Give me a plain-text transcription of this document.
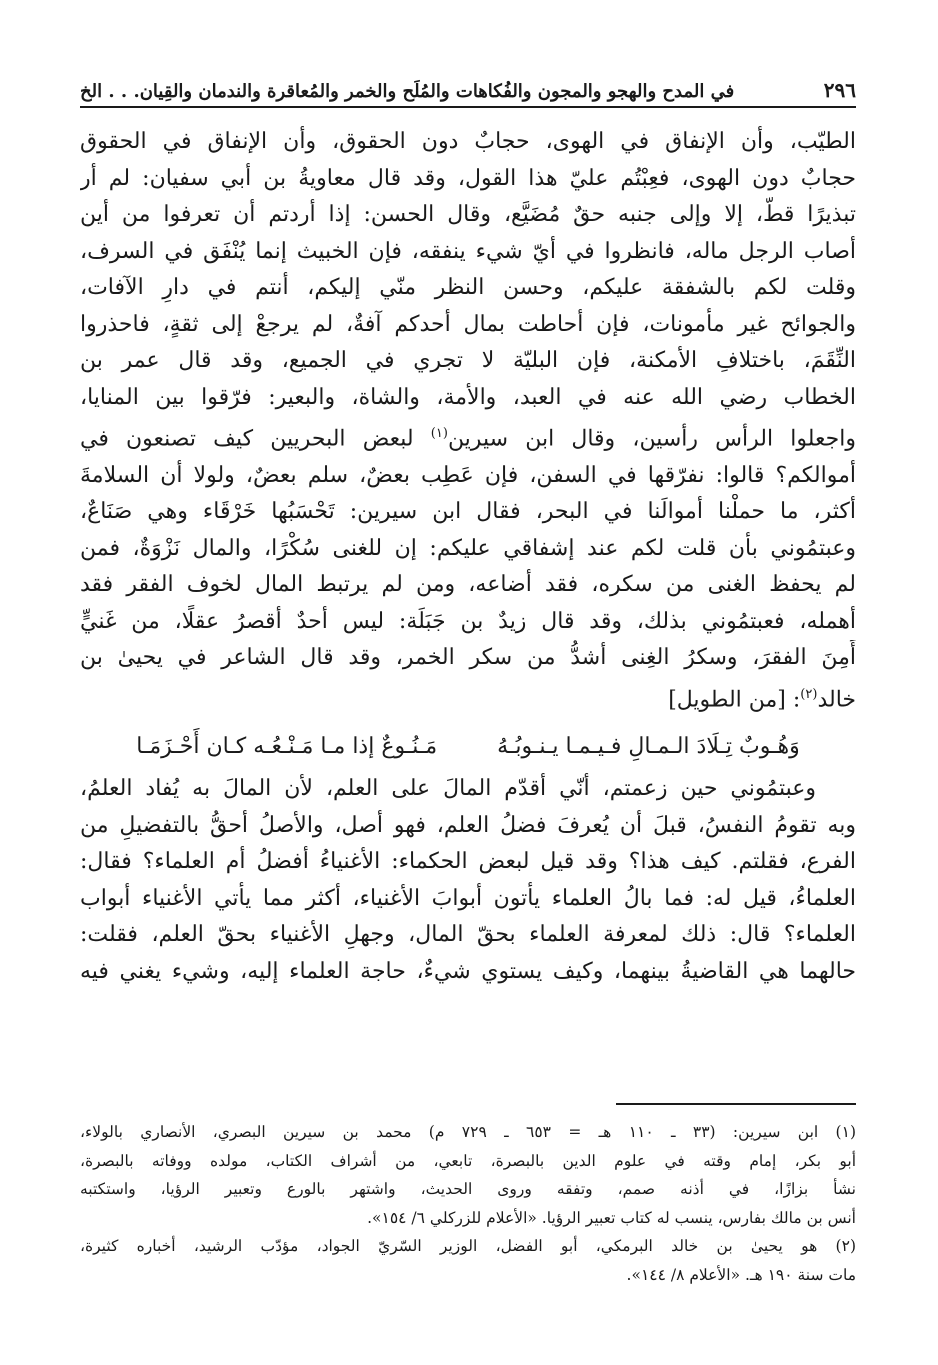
٢٩٦
في المدح والهجو والمجون والفُكاهات والمُلَح والخمر والمُعاقرة والندمان والقِيان. . . الخ
الطيّب، وأن الإنفاق في الهوى، حجابٌ دون الحقوق، وأن الإنفاق في الحقوق
حجابٌ دون الهوى، فعِبْتُم عليّ هذا القول، وقد قال معاويةُ بن أبي سفيان: لم أر
تبذيرًا قطّ، إلا وإلى جنبه حقٌ مُضَيَّع، وقال الحسن: إذا أردتم أن تعرفوا من أين
أصاب الرجل ماله، فانظروا في أيّ شيء ينفقه، فإن الخبيث إنما يُنْفَق في السرف،
وقلت لكم بالشفقة عليكم، وحسن النظر منّي إليكم، أنتم في دارِ الآفات،
والجوائح غير مأمونات، فإن أحاطت بمال أحدكم آفةٌ، لم يرجعْ إلى ثقةٍ، فاحذروا
النِّقَمَ، باختلافِ الأمكنة، فإن البليّة لا تجري في الجميع، وقد قال عمر بن
الخطاب رضي الله عنه في العبد، والأمة، والشاة، والبعير: فرّقوا بين المنايا،
واجعلوا الرأس رأسين، وقال ابن سيرين$^{(١)}$ لبعض البحريين كيف تصنعون في
أموالكم؟ قالوا: نفرّقها في السفن، فإن عَطِب بعضٌ، سلم بعضٌ، ولولا أن السلامةَ
أكثر، ما حملْنا أموالَنا في البحر، فقال ابن سيرين: تَحْسَبُها خَرْقَاء وهي صَنَاعٌ،
وعبتمُوني بأن قلت لكم عند إشفاقي عليكم: إن للغنى سُكْرًا، والمال نَزْوَةٌ، فمن
لم يحفظ الغنى من سكره، فقد أضاعه، ومن لم يرتبط المال لخوف الفقر فقد
أهمله، فعبتمُوني بذلك، وقد قال زيدٌ بن جَبَلَة: ليس أحدٌ أقصرُ عقلًا، من غَنيٍّ
أَمِنَ الفقرَ، وسكرُ الغِنى أشدُّ من سكر الخمر، وقد قال الشاعر في يحيىٰ بن
خالد$^{(٢)}$: [من الطويل]
وَهُـوبٌ تِـلَادَ الـمـالِ فـيـمـا يـنـوبُـهُ
مَـنُـوعٌ إذا مـا مَـنْـعُـه كـان أَحْـزَمَـا
وعبتمُوني حين زعمتم، أنّي أقدّم المالَ على العلم، لأن المالَ به يُفاد العلمُ،
وبه تقومُ النفسُ، قبلَ أن يُعرفَ فضلُ العلم، فهو أصل، والأصلُ أحقُّ بالتفضيلِ من
الفرع، فقلتم. كيف هذا؟ وقد قيل لبعض الحكماء: الأغنياءُ أفضلُ أم العلماء؟ فقال:
العلماءُ، قيل له: فما بالُ العلماء يأتون أبوابَ الأغنياء، أكثر مما يأتي الأغنياء أبواب
العلماء؟ قال: ذلك لمعرفة العلماء بحقّ المال، وجهلِ الأغنياء بحقّ العلم، فقلت:
حالهما هي القاضيةُ بينهما، وكيف يستوي شيءٌ، حاجة العلماء إليه، وشيء يغني فيه
(١) ابن سيرين: (٣٣ ـ ١١٠ هـ = ٦٥٣ ـ ٧٢٩ م) محمد بن سيرين البصري، الأنصاري بالولاء،
أبو بكر، إمام وقته في علوم الدين بالبصرة، تابعي، من أشراف الكتاب، مولده ووفاته بالبصرة،
نشأ بزازًا، في أذنه صمم، وتفقه وروى الحديث، واشتهر بالورع وتعبير الرؤيا، واستكتبه
أنس بن مالك بفارس، ينسب له كتاب تعبير الرؤيا. «الأعلام للزركلي ٦/ ١٥٤».
(٢) هو يحيىٰ بن خالد البرمكي، أبو الفضل، الوزير السّريّ الجواد، مؤدّب الرشيد، أخباره كثيرة،
مات سنة ١٩٠ هـ. «الأعلام ٨/ ١٤٤».
